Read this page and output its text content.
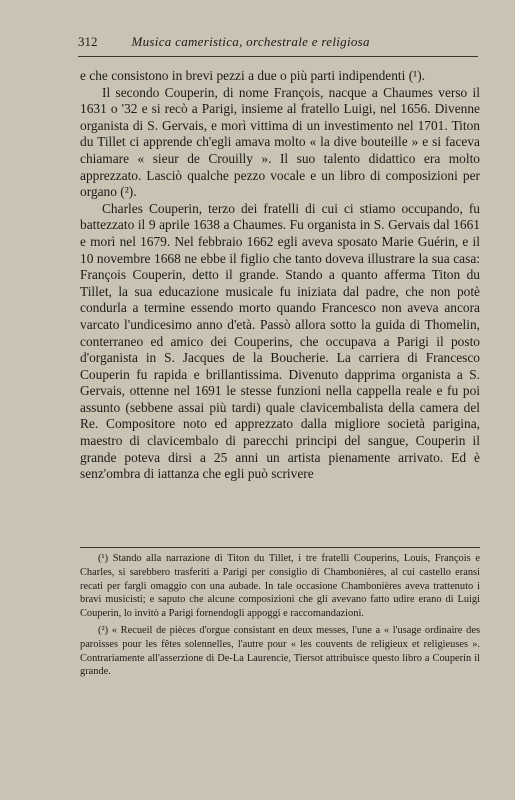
312	Musica cameristica, orchestrale e religiosa

e che consistono in brevi pezzi a due o più parti indipendenti (¹).

Il secondo Couperin, di nome François, nacque a Chaumes verso il 1631 o '32 e si recò a Parigi, insieme al fratello Luigi, nel 1656. Divenne organista di S. Gervais, e morì vittima di un investimento nel 1701. Titon du Tillet ci apprende ch'egli amava molto « la dive bouteille » e si faceva chiamare « sieur de Crouilly ». Il suo talento didattico era molto apprezzato. Lasciò qualche pezzo vocale e un libro di composizioni per organo (²).

Charles Couperin, terzo dei fratelli di cui ci stiamo occupando, fu battezzato il 9 aprile 1638 a Chaumes. Fu organista in S. Gervais dal 1661 e morì nel 1679. Nel febbraio 1662 egli aveva sposato Marie Guérin, e il 10 novembre 1668 ne ebbe il figlio che tanto doveva illustrare la sua casa: François Couperin, detto il grande. Stando a quanto afferma Titon du Tillet, la sua educazione musicale fu iniziata dal padre, che non potè condurla a termine essendo morto quando Francesco non aveva ancora varcato l'undicesimo anno d'età. Passò allora sotto la guida di Thomelin, conterraneo ed amico dei Couperins, che occupava a Parigi il posto d'organista in S. Jacques de la Boucherie. La carriera di Francesco Couperin fu rapida e brillantissima. Divenuto dapprima organista a S. Gervais, ottenne nel 1691 le stesse funzioni nella cappella reale e fu poi assunto (sebbene assai più tardi) quale clavicembalista della camera del Re. Compositore noto ed apprezzato dalla migliore società parigina, maestro di clavicembalo di parecchi principi del sangue, Couperin il grande poteva dirsi a 25 anni un artista pienamente arrivato. Ed è senz'ombra di iattanza che egli può scrivere

(¹) Stando alla narrazione di Titon du Tillet, i tre fratelli Couperins, Louis, François e Charles, si sarebbero trasferiti a Parigi per consiglio di Chambonières, al cui castello eransi recati per fargli omaggio con una aubade. In tale occasione Chambonières aveva trattenuto i bravi musicisti; e saputo che alcune composizioni che gli avevano fatto udire erano di Luigi Couperin, lo invitò a Parigi fornendogli appoggi e raccomandazioni.

(²) « Recueil de pièces d'orgue consistant en deux messes, l'une a « l'usage ordinaire des paroisses pour les fêtes solennelles, l'autre pour « les couvents de religieux et religieuses ». Contrariamente all'asserzione di De-La Laurencie, Tiersot attribuisce questo libro a Couperin il grande.
